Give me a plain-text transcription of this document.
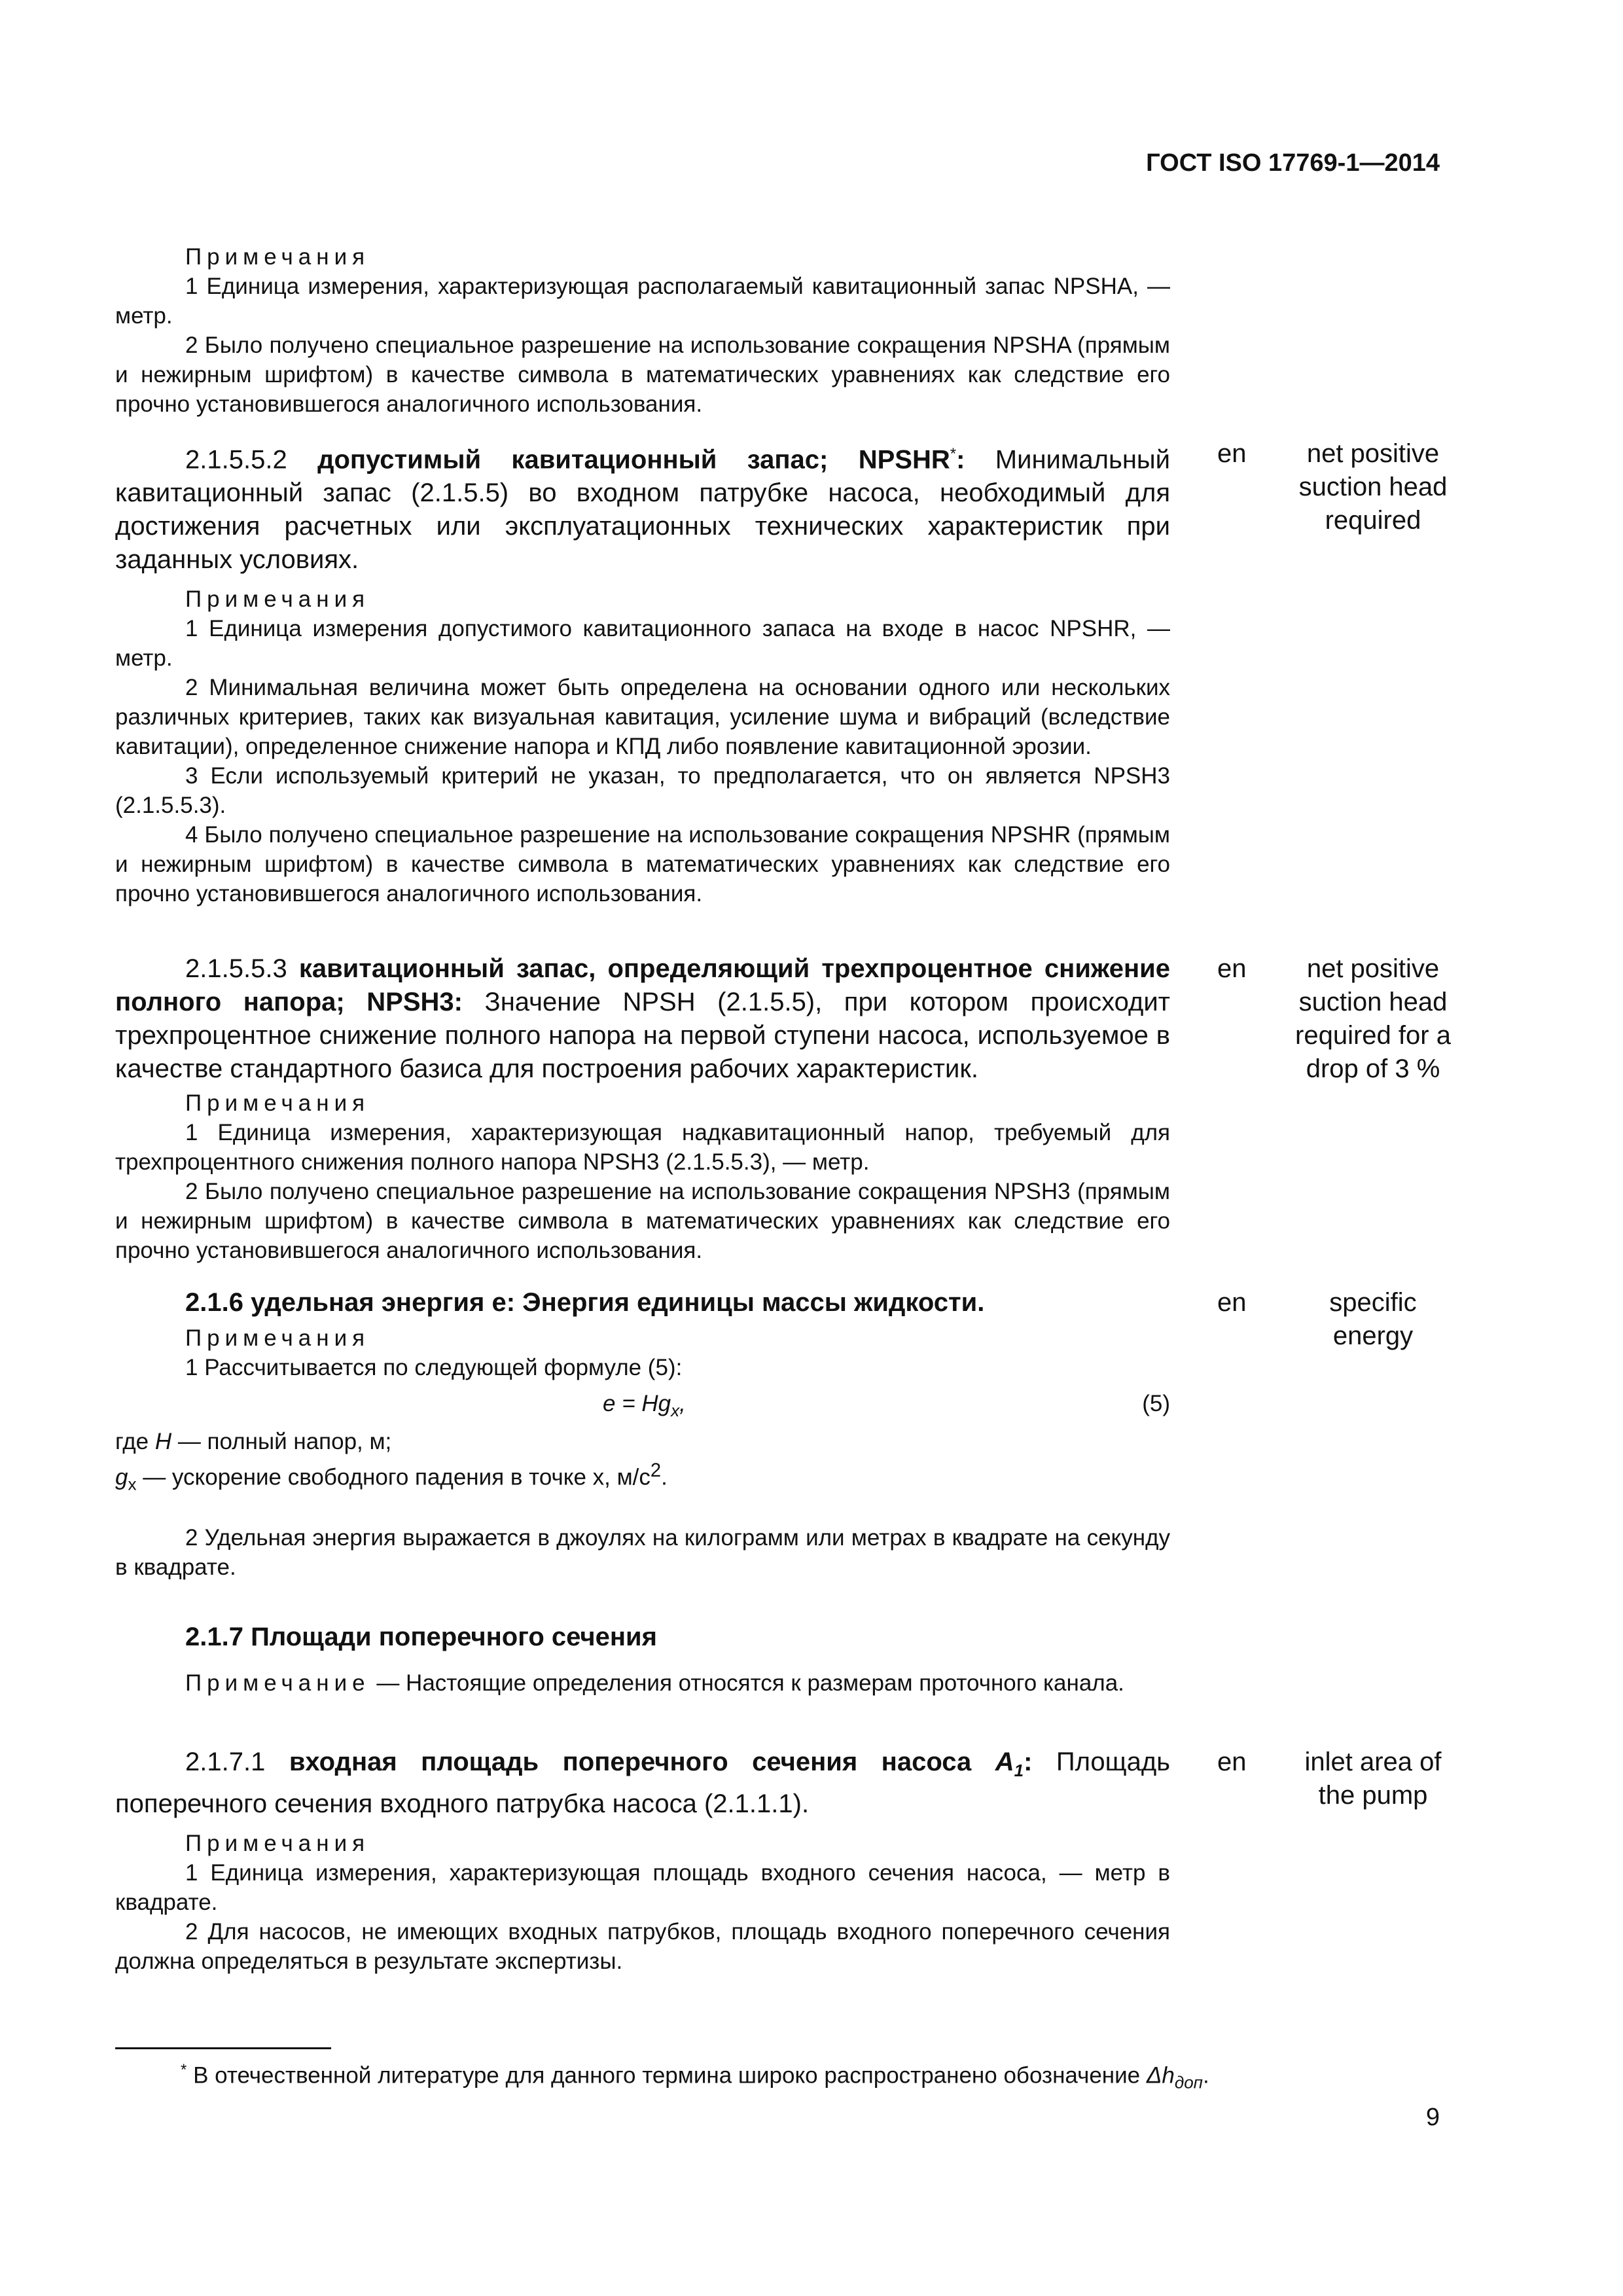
ГОСТ ISO 17769-1—2014
Примечания

1 Единица измерения, характеризующая располагаемый кавитационный запас NPSHA, — метр.

2 Было получено специальное разрешение на использование сокращения NPSHA (прямым и нежирным шрифтом) в качестве символа в математических уравнениях как следствие его прочно установившегося аналогичного использования.

2.1.5.5.2 допустимый кавитационный запас; NPSHR*: Минимальный кавитационный запас (2.1.5.5) во входном патрубке насоса, необходимый для достижения расчетных или эксплуатационных технических характеристик при заданных условиях.

Примечания

1 Единица измерения допустимого кавитационного запаса на входе в насос NPSHR, — метр.

2 Минимальная величина может быть определена на основании одного или нескольких различных критериев, таких как визуальная кавитация, усиление шума и вибраций (вследствие кавитации), определенное снижение напора и КПД либо появление кавитационной эрозии.

3 Если используемый критерий не указан, то предполагается, что он является NPSH3 (2.1.5.5.3).

4 Было получено специальное разрешение на использование сокращения NPSHR (прямым и нежирным шрифтом) в качестве символа в математических уравнениях как следствие его прочно установившегося аналогичного использования.

en	net positive suction head required

2.1.5.5.3 кавитационный запас, определяющий трехпроцентное снижение полного напора; NPSH3: Значение NPSH (2.1.5.5), при котором происходит трехпроцентное снижение полного напора на первой ступени насоса, используемое в качестве стандартного базиса для построения рабочих характеристик.

Примечания

1 Единица измерения, характеризующая надкавитационный напор, требуемый для трехпроцентного снижения полного напора NPSH3 (2.1.5.5.3), — метр.

2 Было получено специальное разрешение на использование сокращения NPSH3 (прямым и нежирным шрифтом) в качестве символа в математических уравнениях как следствие его прочно установившегося аналогичного использования.

en	net positive suction head required for a drop of 3 %

2.1.6 удельная энергия е: Энергия единицы массы жидкости.

Примечания

1 Рассчитывается по следующей формуле (5):

$e = Hg_x$,	(5)

где H — полный напор, м;

$g_x$ — ускорение свободного падения в точке х, $м/с^2$.

2 Удельная энергия выражается в джоулях на килограмм или метрах в квадрате на секунду в квадрате.

en	specific energy

2.1.7 Площади поперечного сечения

Примечание — Настоящие определения относятся к размерам проточного канала.

2.1.7.1 входная площадь поперечного сечения насоса $A_1$: Площадь поперечного сечения входного патрубка насоса (2.1.1.1).

Примечания

1 Единица измерения, характеризующая площадь входного сечения насоса, — метр в квадрате.

2 Для насосов, не имеющих входных патрубков, площадь входного поперечного сечения должна определяться в результате экспертизы.

en	inlet area of the pump
* В отечественной литературе для данного термина широко распространено обозначение $\Delta h_{доп}$.
9
